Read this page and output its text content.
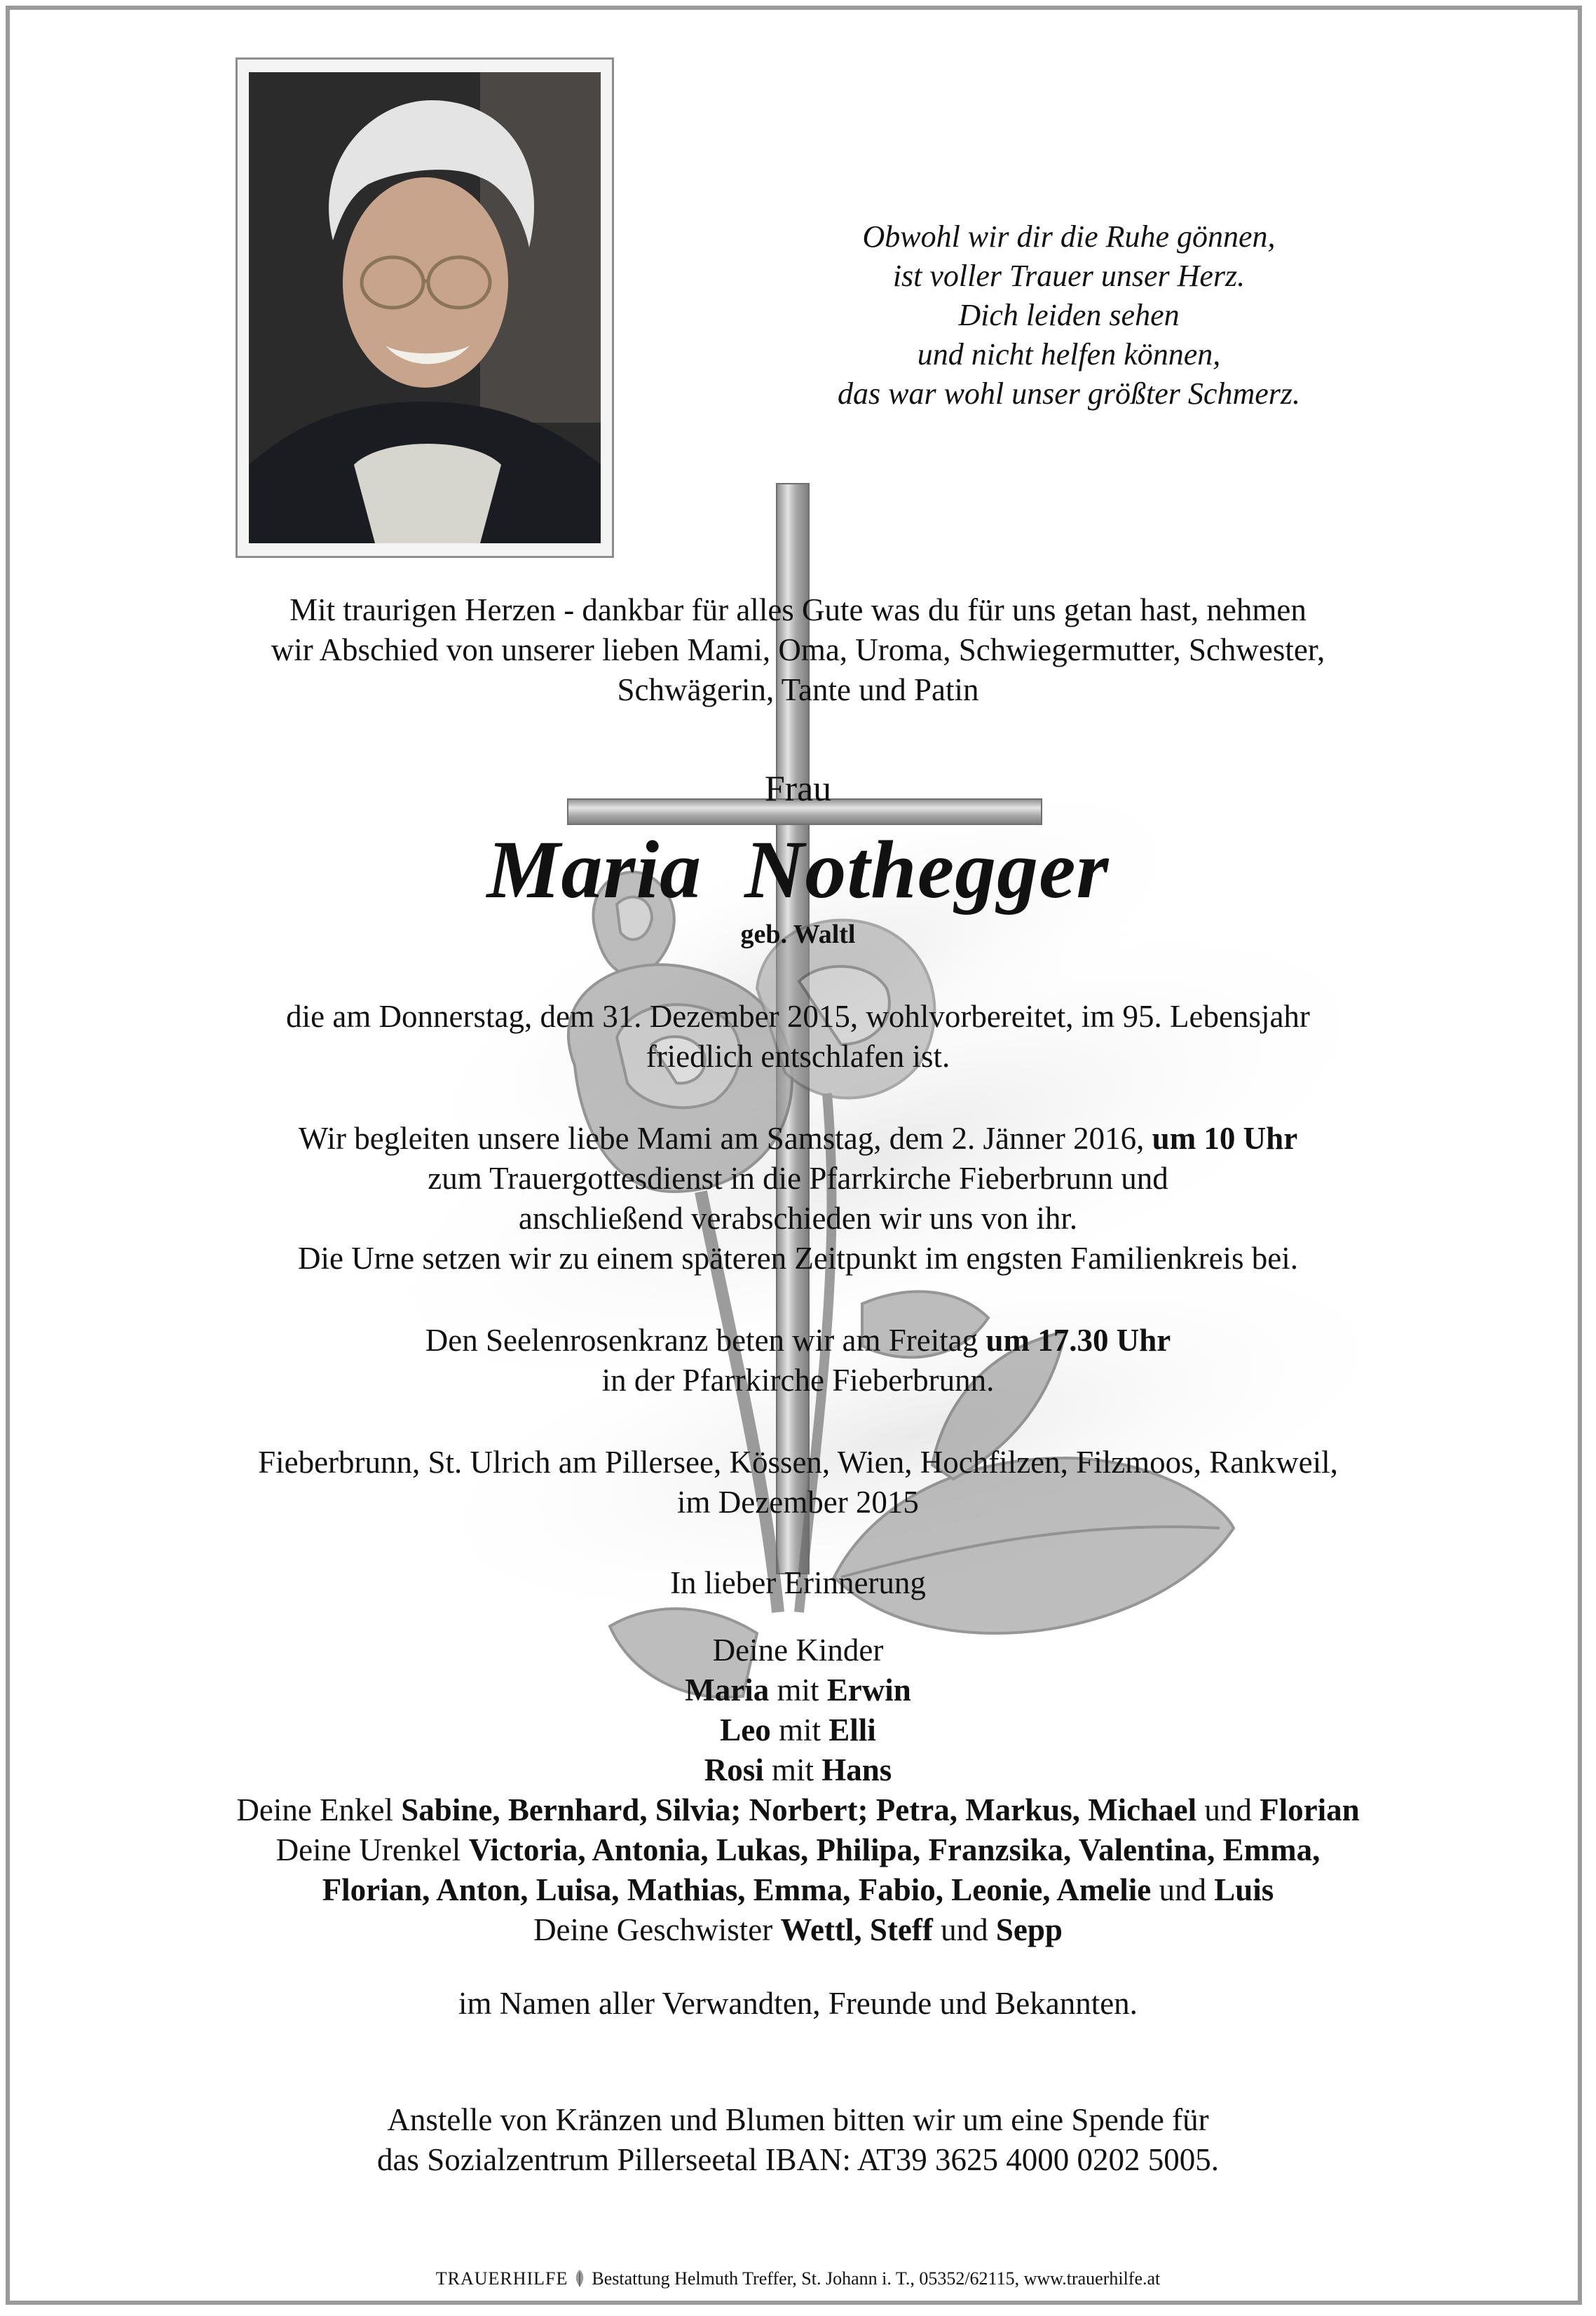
Obwohl wir dir die Ruhe gönnen,
ist voller Trauer unser Herz.
Dich leiden sehen
und nicht helfen können,
das war wohl unser größter Schmerz.
Mit traurigen Herzen - dankbar für alles Gute was du für uns getan hast, nehmen
wir Abschied von unserer lieben Mami, Oma, Uroma, Schwiegermutter, Schwester,
Schwägerin, Tante und Patin
Frau
Maria  Nothegger
geb. Waltl
die am Donnerstag, dem 31. Dezember 2015, wohlvorbereitet, im 95. Lebensjahr
friedlich entschlafen ist.
Wir begleiten unsere liebe Mami am Samstag, dem 2. Jänner 2016, um 10 Uhr
zum Trauergottesdienst in die Pfarrkirche Fieberbrunn und
anschließend verabschieden wir uns von ihr.
Die Urne setzen wir zu einem späteren Zeitpunkt im engsten Familienkreis bei.
Den Seelenrosenkranz beten wir am Freitag um 17.30 Uhr
in der Pfarrkirche Fieberbrunn.
Fieberbrunn, St. Ulrich am Pillersee, Kössen, Wien, Hochfilzen, Filzmoos, Rankweil,
im Dezember 2015
In lieber Erinnerung
Deine Kinder
Maria mit Erwin
Leo mit Elli
Rosi mit Hans
Deine Enkel Sabine, Bernhard, Silvia; Norbert; Petra, Markus, Michael und Florian
Deine Urenkel Victoria, Antonia, Lukas, Philipa, Franzsika, Valentina, Emma,
Florian, Anton, Luisa, Mathias, Emma, Fabio, Leonie, Amelie und Luis
Deine Geschwister Wettl, Steff und Sepp
im Namen aller Verwandten, Freunde und Bekannten.
Anstelle von Kränzen und Blumen bitten wir um eine Spende für
das Sozialzentrum Pillerseetal IBAN: AT39 3625 4000 0202 5005.
TRAUERHILFE Bestattung Helmuth Treffer, St. Johann i. T., 05352/62115, www.trauerhilfe.at
